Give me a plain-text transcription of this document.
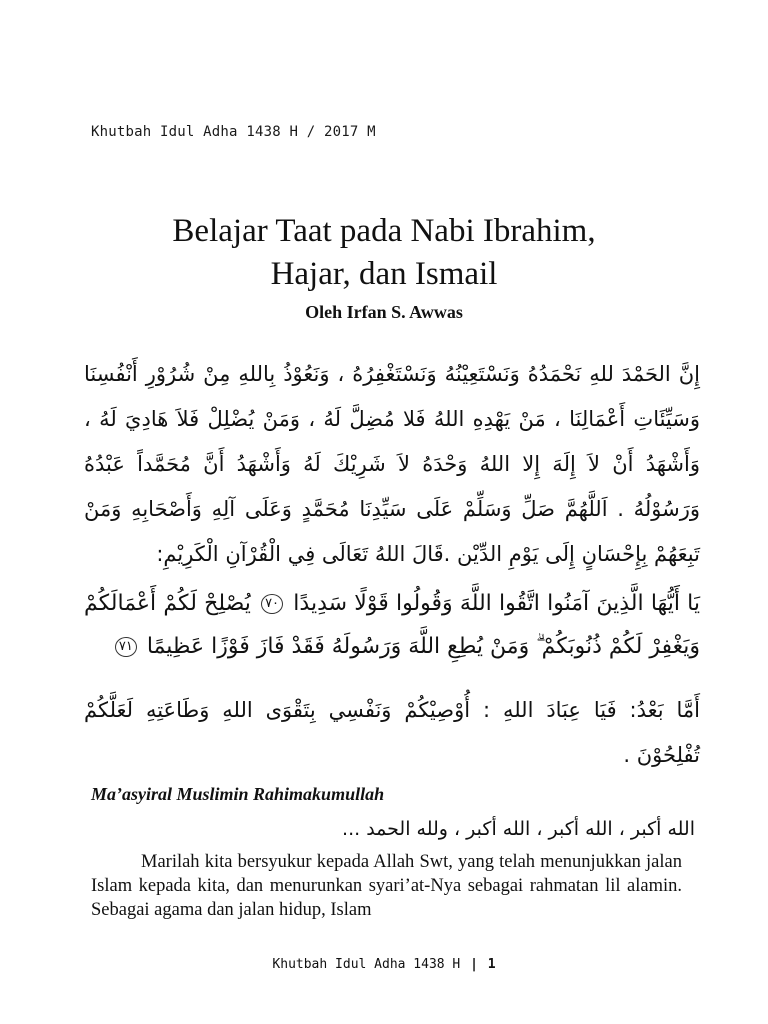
Khutbah Idul Adha 1438 H / 2017 M
Belajar Taat pada Nabi Ibrahim,
Hajar, dan Ismail
Oleh Irfan S. Awwas
إِنَّ الحَمْدَ للهِ نَحْمَدُهُ وَنَسْتَعِيْنُهُ وَنَسْتَغْفِرُهُ ، وَنَعُوْذُ بِاللهِ مِنْ شُرُوْرِ أَنْفُسِنَا وَسَيِّئَاتِ أَعْمَالِنَا ، مَنْ يَهْدِهِ اللهُ فَلا مُضِلَّ لَهُ ، وَمَنْ يُضْلِلْ فَلاَ هَادِيَ لَهُ ، وَأَشْهَدُ أَنْ لاَ إِلَهَ إِلا اللهُ وَحْدَهُ لاَ شَرِيْكَ لَهُ وَأَشْهَدُ أَنَّ مُحَمَّداً عَبْدُهُ وَرَسُوْلُهُ . اَللَّهُمَّ صَلِّ وَسَلِّمْ عَلَى سَيِّدِنَا مُحَمَّدٍ وَعَلَى آلِهِ وَأَصْحَابِهِ وَمَنْ تَبِعَهُمْ بِإِحْسَانٍ إِلَى يَوْمِ الدِّيْن .قَالَ اللهُ تَعَالَى فِي الْقُرْآنِ الْكَرِيْمِ:
يَا أَيُّهَا الَّذِينَ آمَنُوا اتَّقُوا اللَّهَ وَقُولُوا قَوْلًا سَدِيدًا ٧٠ يُصْلِحْ لَكُمْ أَعْمَالَكُمْ وَيَغْفِرْ لَكُمْ ذُنُوبَكُمْ ۗ وَمَنْ يُطِعِ اللَّهَ وَرَسُولَهُ فَقَدْ فَازَ فَوْزًا عَظِيمًا ٧١
أَمَّا بَعْدُ: فَيَا عِبَادَ اللهِ : أُوْصِيْكُمْ وَنَفْسِي بِتَقْوَى اللهِ وَطَاعَتِهِ لَعَلَّكُمْ تُفْلِحُوْنَ .
Ma’asyiral Muslimin Rahimakumullah
الله أكبر ، الله أكبر ، الله أكبر ، ولله الحمد ...
Marilah kita bersyukur kepada Allah Swt, yang telah menunjukkan jalan Islam kepada kita, dan menurunkan syari’at-Nya sebagai rahmatan lil alamin. Sebagai agama dan jalan hidup, Islam
Khutbah Idul Adha 1438 H | 1
